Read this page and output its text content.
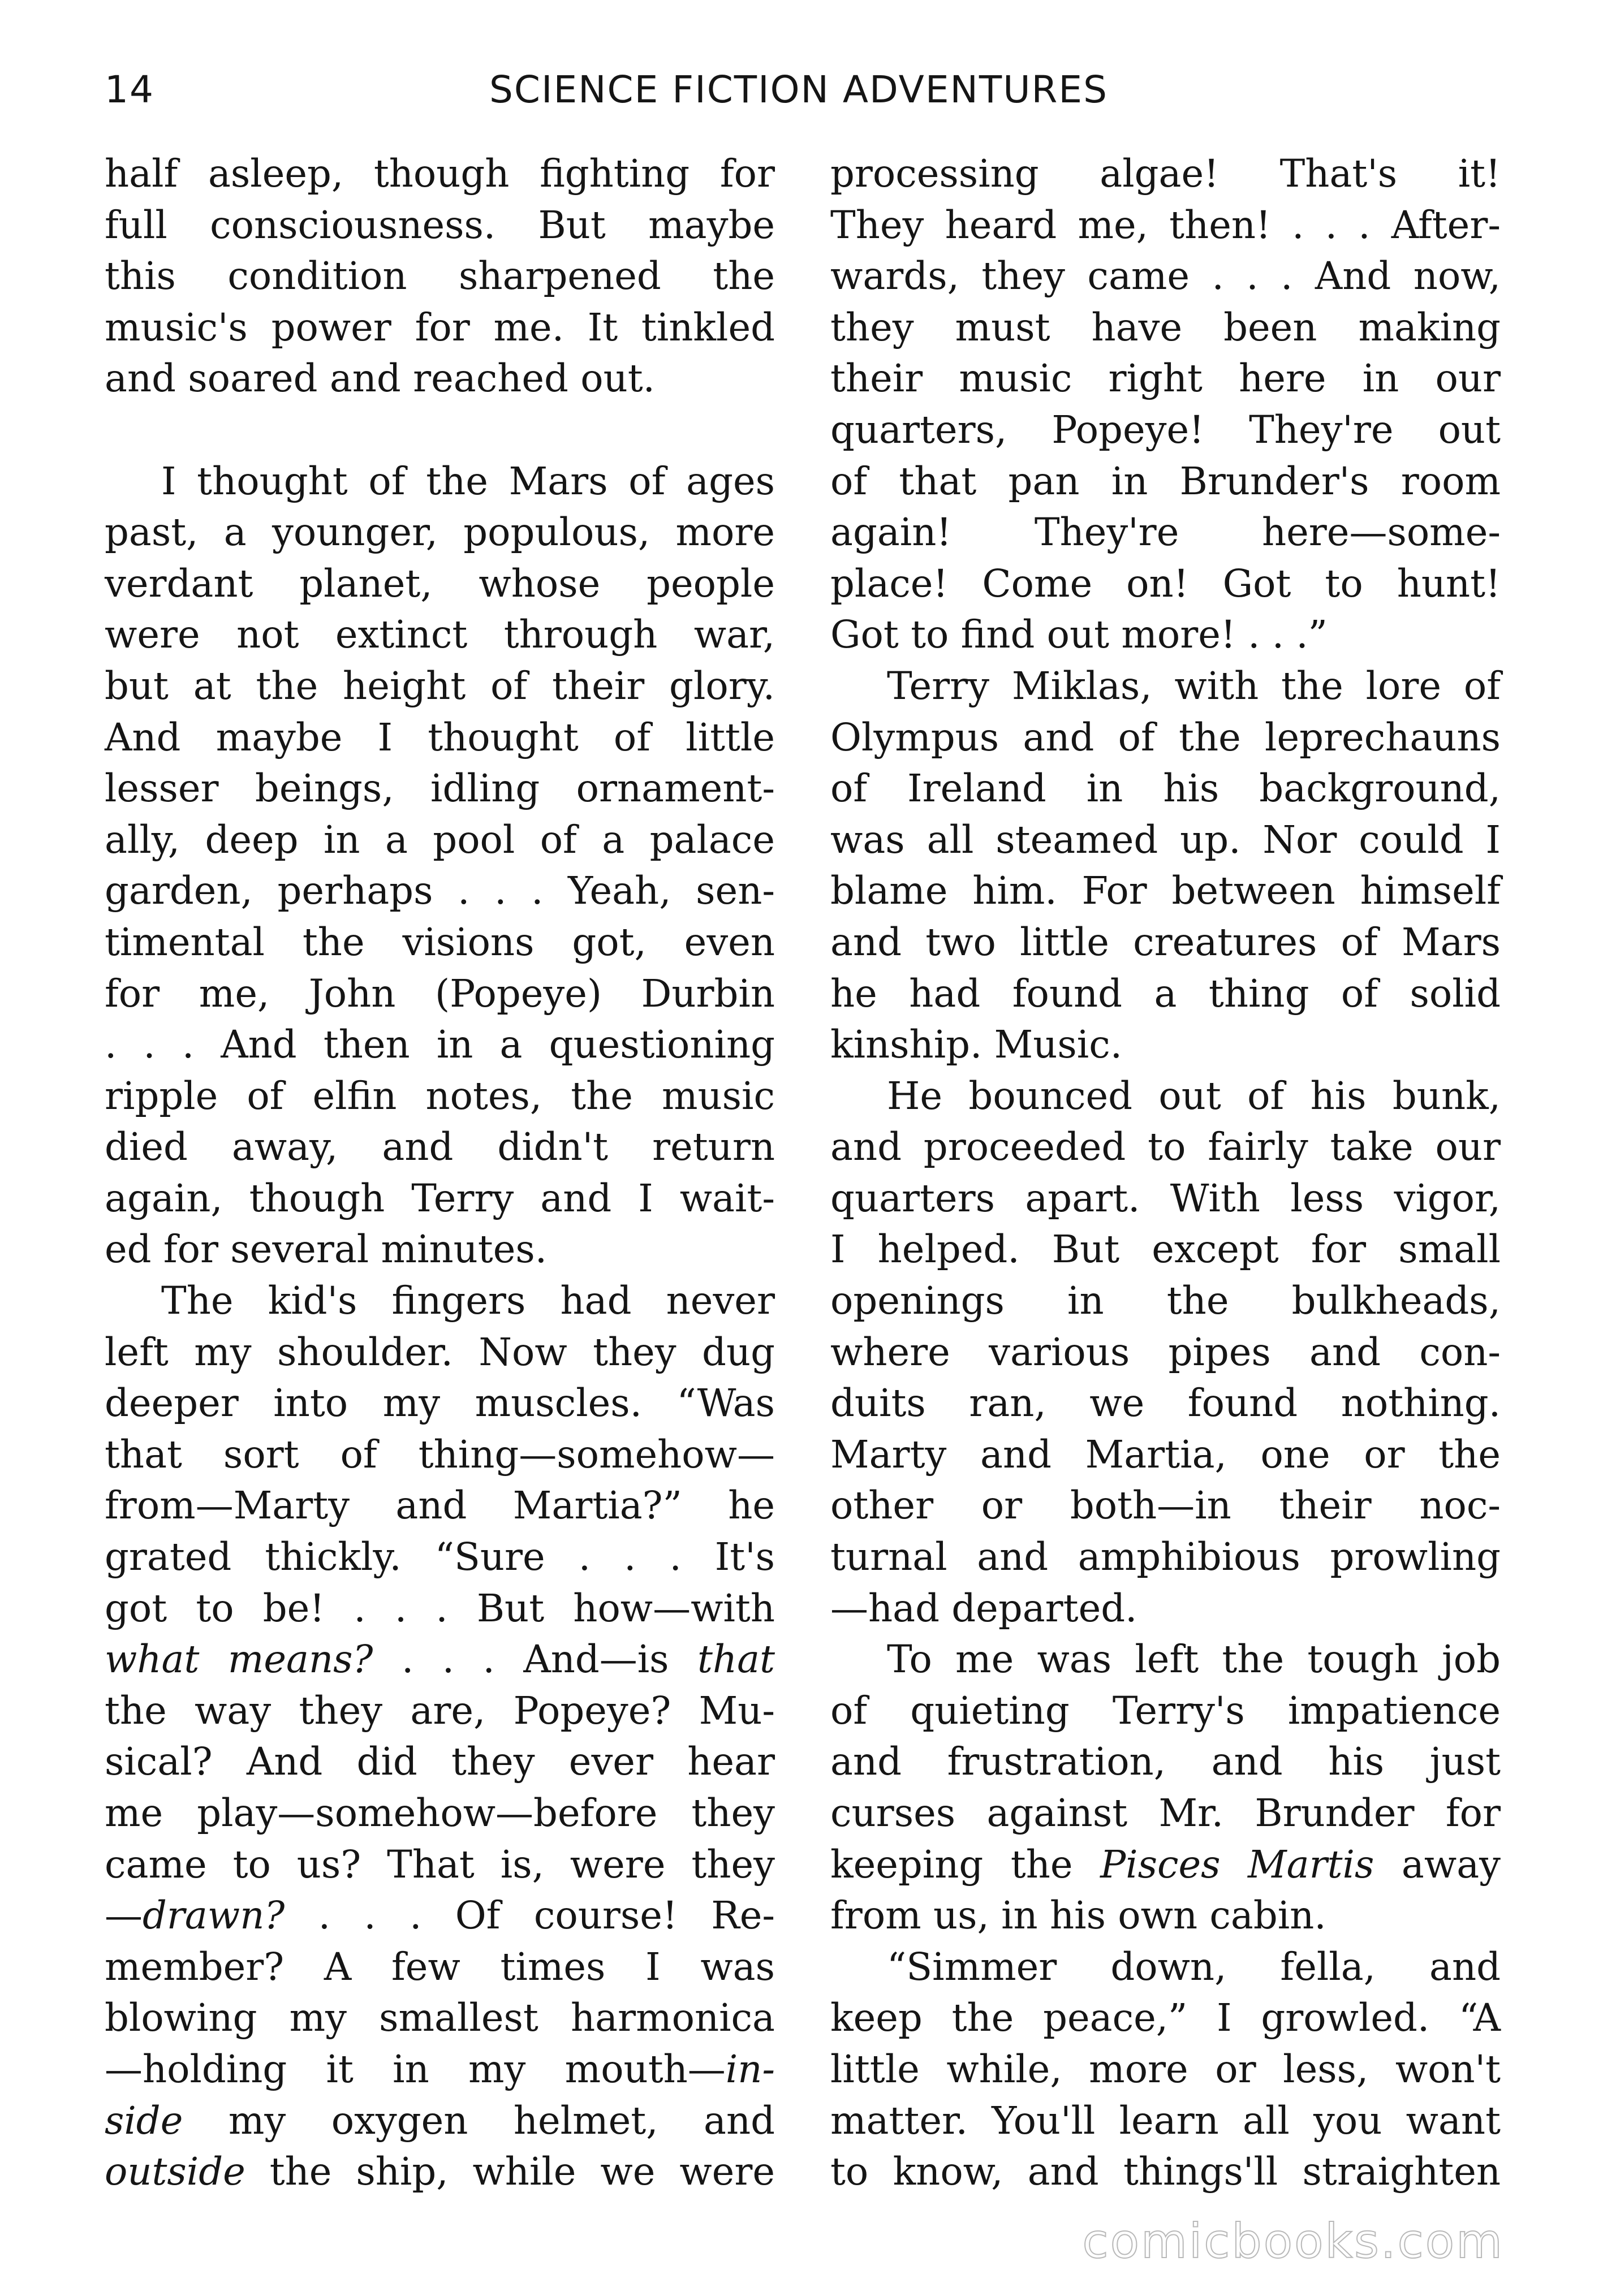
14	SCIENCE FICTION ADVENTURES
half asleep, though fighting for
full consciousness. But maybe
this condition sharpened the
music's power for me. It tinkled
and soared and reached out.
I thought of the Mars of ages
past, a younger, populous, more
verdant planet, whose people
were not extinct through war,
but at the height of their glory.
And maybe I thought of little
lesser beings, idling ornament-
ally, deep in a pool of a palace
garden, perhaps . . . Yeah, sen-
timental the visions got, even
for me, John (Popeye) Durbin
. . . And then in a questioning
ripple of elfin notes, the music
died away, and didn't return
again, though Terry and I wait-
ed for several minutes.
The kid's fingers had never
left my shoulder. Now they dug
deeper into my muscles. “Was
that sort of thing—somehow—
from—Marty and Martia?” he
grated thickly. “Sure . . . It's
got to be! . . . But how—with
what means? . . . And—is that
the way they are, Popeye? Mu-
sical? And did they ever hear
me play—somehow—before they
came to us? That is, were they
—drawn? . . . Of course! Re-
member? A few times I was
blowing my smallest harmonica
—holding it in my mouth—in-
side my oxygen helmet, and
outside the ship, while we were
processing algae! That's it!
They heard me, then! . . . After-
wards, they came . . . And now,
they must have been making
their music right here in our
quarters, Popeye! They're out
of that pan in Brunder's room
again! They're here—some-
place! Come on! Got to hunt!
Got to find out more! . . .”
Terry Miklas, with the lore of
Olympus and of the leprechauns
of Ireland in his background,
was all steamed up. Nor could I
blame him. For between himself
and two little creatures of Mars
he had found a thing of solid
kinship. Music.
He bounced out of his bunk,
and proceeded to fairly take our
quarters apart. With less vigor,
I helped. But except for small
openings in the bulkheads,
where various pipes and con-
duits ran, we found nothing.
Marty and Martia, one or the
other or both—in their noc-
turnal and amphibious prowling
—had departed.
To me was left the tough job
of quieting Terry's impatience
and frustration, and his just
curses against Mr. Brunder for
keeping the Pisces Martis away
from us, in his own cabin.
“Simmer down, fella, and
keep the peace,” I growled. “A
little while, more or less, won't
matter. You'll learn all you want
to know, and things'll straighten
comicbooks.com
